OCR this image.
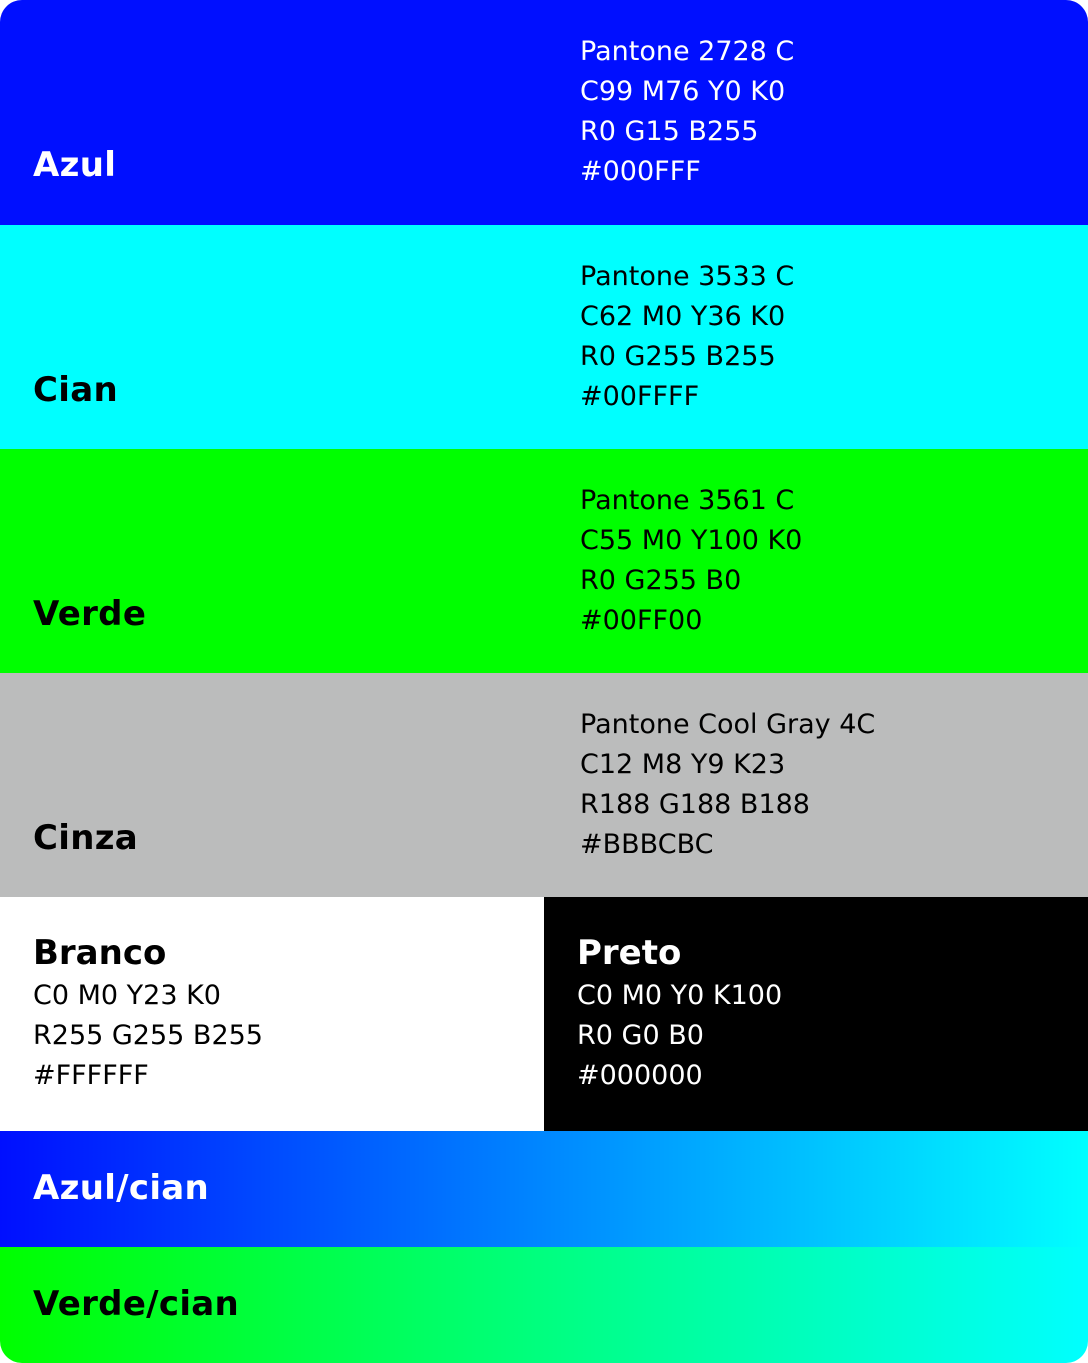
Azul
Pantone 2728 C
C99 M76 Y0 K0
R0 G15 B255
#000FFF
Cian
Pantone 3533 C
C62 M0 Y36 K0
R0 G255 B255
#00FFFF
Verde
Pantone 3561 C
C55 M0 Y100 K0
R0 G255 B0
#00FF00
Cinza
Pantone Cool Gray 4C
C12 M8 Y9 K23
R188 G188 B188
#BBBCBC
Branco
C0 M0 Y23 K0
R255 G255 B255
#FFFFFF
Preto
C0 M0 Y0 K100
R0 G0 B0
#000000
Azul/cian
Verde/cian
